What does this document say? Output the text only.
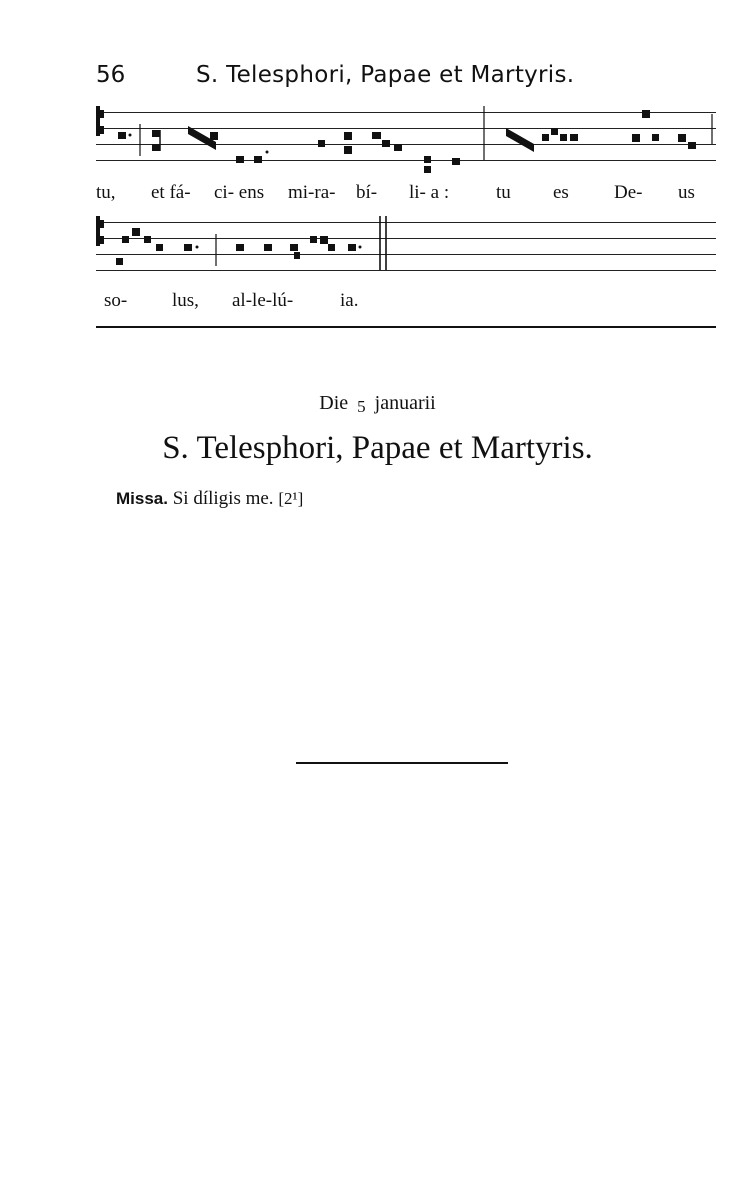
56	S. Telesphori, Papae et Martyris.
tu, et fá- ci- ens mi-ra- bí- li- a : tu es De- us
so- lus, al-le-lú- ia.
Die 5 januarii
S. Telesphori, Papae et Martyris.
Missa. Si díligis me. [2¹]
